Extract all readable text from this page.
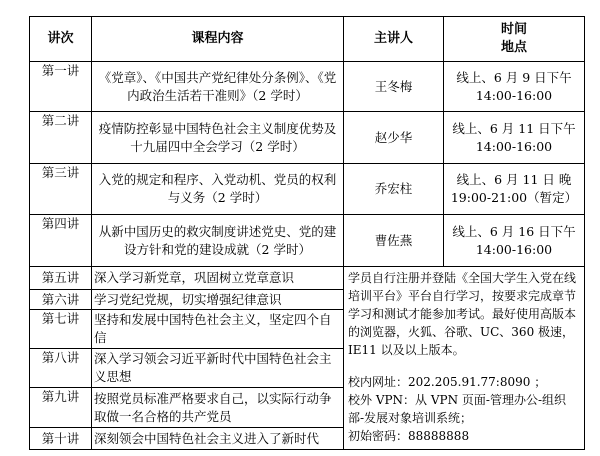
讲次	课程内容	主讲人	时间
地点

第一讲	《党章》、《中国共产党纪律处分条例》、《党内政治生活若干准则》（2 学时）	王冬梅	线上、6 月 9 日下午
14:00-16:00

第二讲	疫情防控彰显中国特色社会主义制度优势及十九届四中全会学习（2 学时）	赵少华	线上、6 月 11 日下午
14:00-16:00

第三讲	入党的规定和程序、入党动机、党员的权利与义务（2 学时）	乔宏柱	线上、6 月 11 日 晚
19:00-21:00（暂定）

第四讲	从新中国历史的救灾制度讲述党史、党的建设方针和党的建设成就（2 学时）	曹佐燕	线上、6 月 16 日下午
14:00-16:00

第五讲	深入学习新党章，巩固树立党章意识	学员自行注册并登陆《全国大学生入党在线培训平台》平台自行学习，按要求完成章节学习和测试才能参加考试。最好使用高版本的浏览器，火狐、谷歌、UC、360 极速，IE11 以及以上版本。

校内网址：202.205.91.77:8090 ；

校外 VPN：从 VPN 页面-管理办公-组织部-发展对象培训系统；

初始密码：88888888	

第六讲	学习党纪党规，切实增强纪律意识		
第七讲	坚持和发展中国特色社会主义，坚定四个自信		
第八讲	深入学习领会习近平新时代中国特色社会主义思想		
第九讲	按照党员标准严格要求自己，以实际行动争取做一名合格的共产党员		
第十讲	深刻领会中国特色社会主义进入了新时代		
